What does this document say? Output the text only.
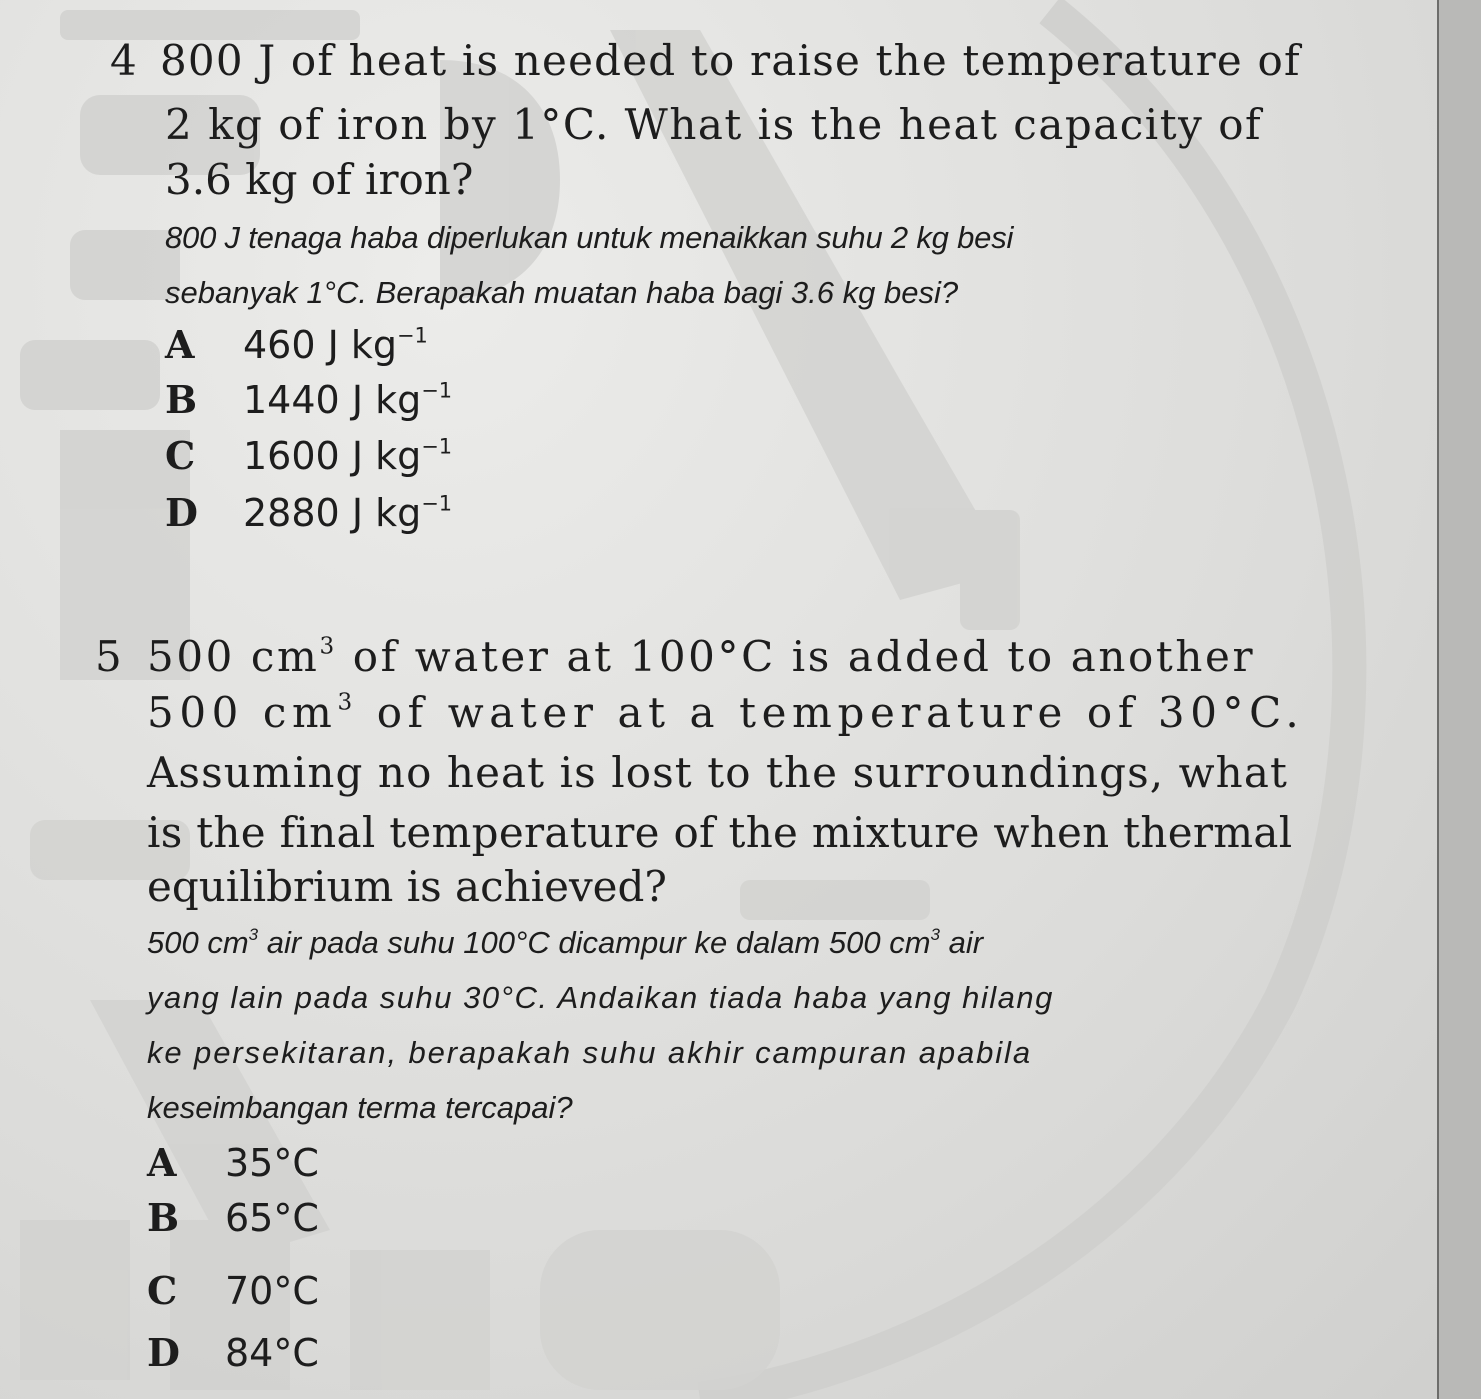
4 800 J of heat is needed to raise the temperature of
2 kg of iron by 1°C. What is the heat capacity of
3.6 kg of iron?
800 J tenaga haba diperlukan untuk menaikkan suhu 2 kg besi
sebanyak 1°C. Berapakah muatan haba bagi 3.6 kg besi?
A 460 J $kg^{-1}$
B 1440 J $kg^{-1}$
C 1600 J $kg^{-1}$
D 2880 J $kg^{-1}$
5 500 $cm^3$ of water at 100°C is added to another
500 $cm^3$ of water at a temperature of 30°C.
Assuming no heat is lost to the surroundings, what
is the final temperature of the mixture when thermal
equilibrium is achieved?
500 $cm^3$ air pada suhu 100°C dicampur ke dalam 500 $cm^3$ air
yang lain pada suhu 30°C. Andaikan tiada haba yang hilang
ke persekitaran, berapakah suhu akhir campuran apabila
keseimbangan terma tercapai?
A 35°C
B 65°C
C 70°C
D 84°C
